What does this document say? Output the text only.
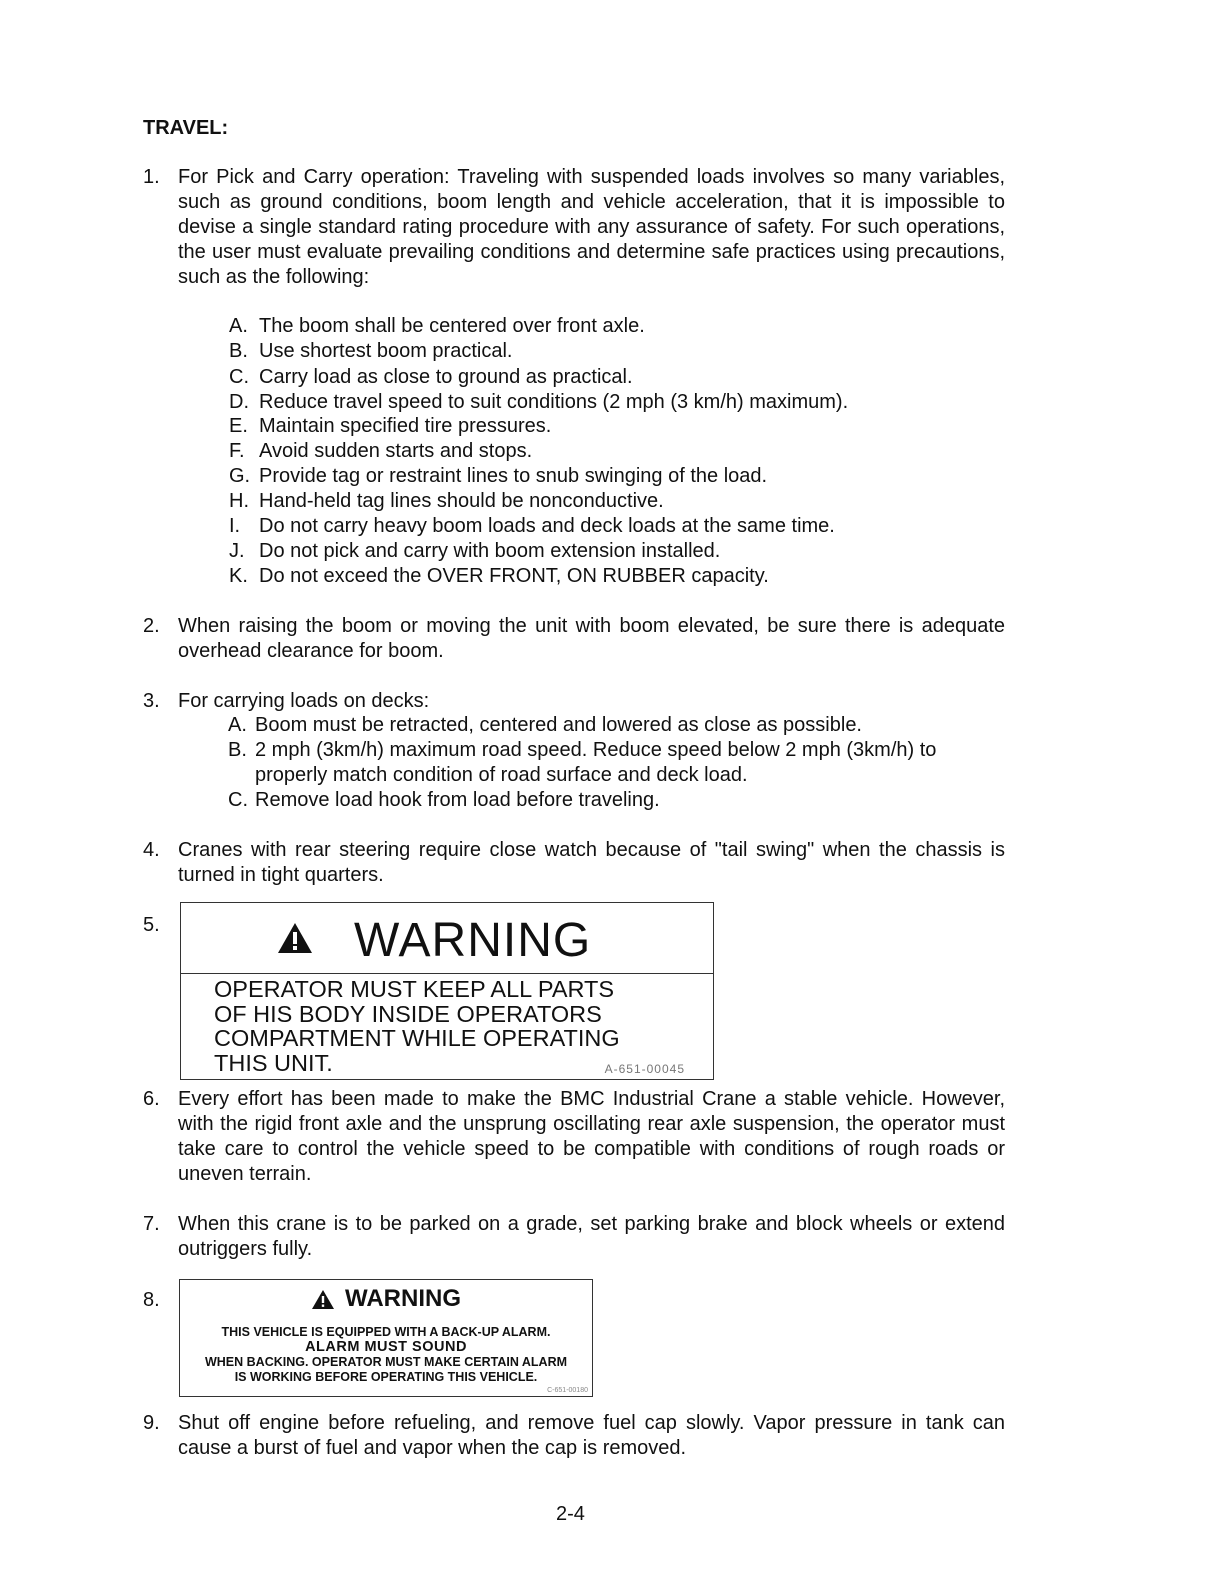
TRAVEL:
1. For Pick and Carry operation: Traveling with suspended loads involves so many variables, such as ground conditions, boom length and vehicle acceleration, that it is impossible to devise a single standard rating procedure with any assurance of safety. For such operations, the user must evaluate prevailing conditions and determine safe practices using precautions, such as the following:
A. The boom shall be centered over front axle.
B. Use shortest boom practical.
C. Carry load as close to ground as practical.
D. Reduce travel speed to suit conditions (2 mph (3 km/h) maximum).
E. Maintain specified tire pressures.
F. Avoid sudden starts and stops.
G. Provide tag or restraint lines to snub swinging of the load.
H. Hand-held tag lines should be nonconductive.
I. Do not carry heavy boom loads and deck loads at the same time.
J. Do not pick and carry with boom extension installed.
K. Do not exceed the OVER FRONT, ON RUBBER capacity.
2. When raising the boom or moving the unit with boom elevated, be sure there is adequate overhead clearance for boom.
3. For carrying loads on decks:
A. Boom must be retracted, centered and lowered as close as possible.
B. 2 mph (3km/h) maximum road speed. Reduce speed below 2 mph (3km/h) to properly match condition of road surface and deck load.
C. Remove load hook from load before traveling.
4. Cranes with rear steering require close watch because of "tail swing" when the chassis is turned in tight quarters.
5.	WARNING
OPERATOR MUST KEEP ALL PARTS
OF HIS BODY INSIDE OPERATORS
COMPARTMENT WHILE OPERATING
THIS UNIT.	A-651-00045
6. Every effort has been made to make the BMC Industrial Crane a stable vehicle. However, with the rigid front axle and the unsprung oscillating rear axle suspension, the operator must take care to control the vehicle speed to be compatible with conditions of rough roads or uneven terrain.
7. When this crane is to be parked on a grade, set parking brake and block wheels or extend outriggers fully.
8.	WARNING
THIS VEHICLE IS EQUIPPED WITH A BACK-UP ALARM.
ALARM MUST SOUND
WHEN BACKING. OPERATOR MUST MAKE CERTAIN ALARM
IS WORKING BEFORE OPERATING THIS VEHICLE.
C-651-00180
9. Shut off engine before refueling, and remove fuel cap slowly. Vapor pressure in tank can cause a burst of fuel and vapor when the cap is removed.
2-4
